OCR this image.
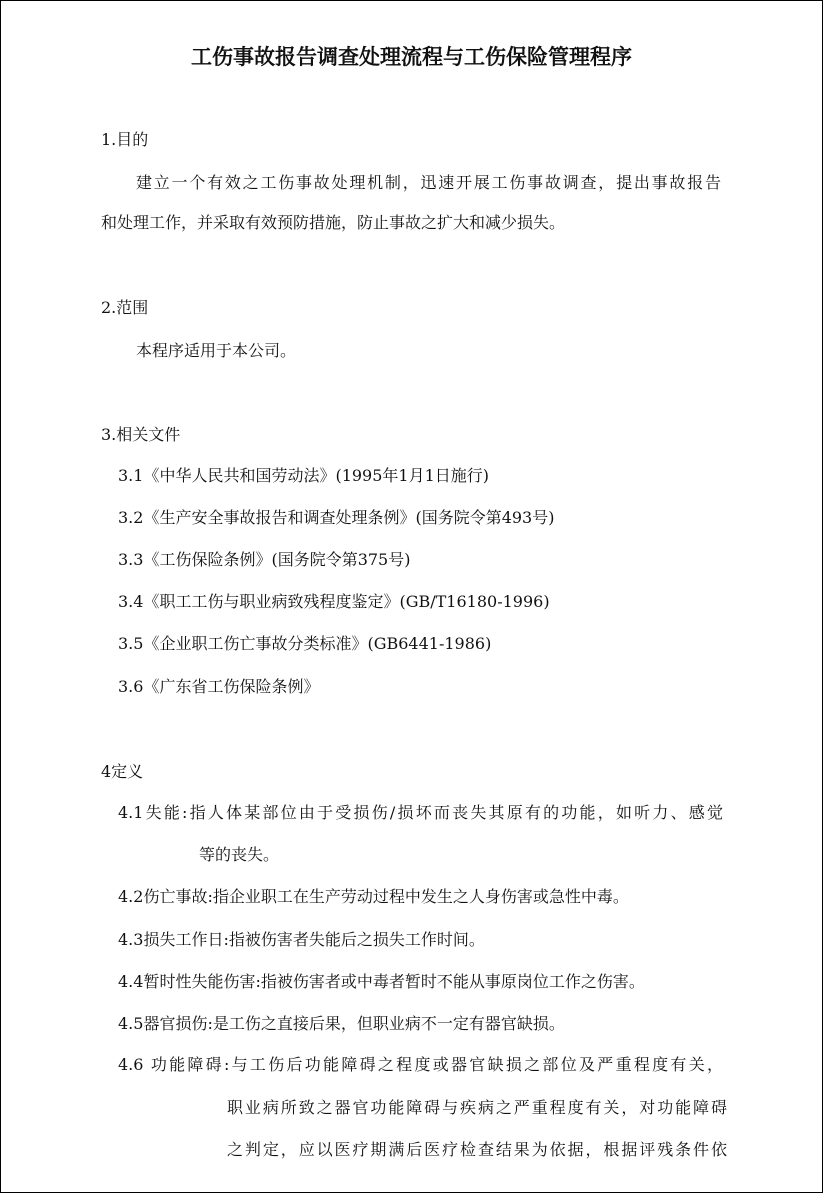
工伤事故报告调查处理流程与工伤保险管理程序
1.目的
建立一个有效之工伤事故处理机制，迅速开展工伤事故调查，提出事故报告
和处理工作，并采取有效预防措施，防止事故之扩大和减少损失。
2.范围
本程序适用于本公司。
3.相关文件
3.1《中华人民共和国劳动法》(1995年1月1日施行)
3.2《生产安全事故报告和调查处理条例》(国务院令第493号)
3.3《工伤保险条例》(国务院令第375号)
3.4《职工工伤与职业病致残程度鉴定》(GB/T16180-1996)
3.5《企业职工伤亡事故分类标准》(GB6441-1986)
3.6《广东省工伤保险条例》
4定义
4.1失能:指人体某部位由于受损伤/损坏而丧失其原有的功能，如听力、感觉
等的丧失。
4.2伤亡事故:指企业职工在生产劳动过程中发生之人身伤害或急性中毒。
4.3损失工作日:指被伤害者失能后之损失工作时间。
4.4暂时性失能伤害:指被伤害者或中毒者暂时不能从事原岗位工作之伤害。
4.5器官损伤:是工伤之直接后果，但职业病不一定有器官缺损。
4.6 功能障碍:与工伤后功能障碍之程度或器官缺损之部位及严重程度有关，
职业病所致之器官功能障碍与疾病之严重程度有关，对功能障碍
之判定，应以医疗期满后医疗检查结果为依据，根据评残条件依
